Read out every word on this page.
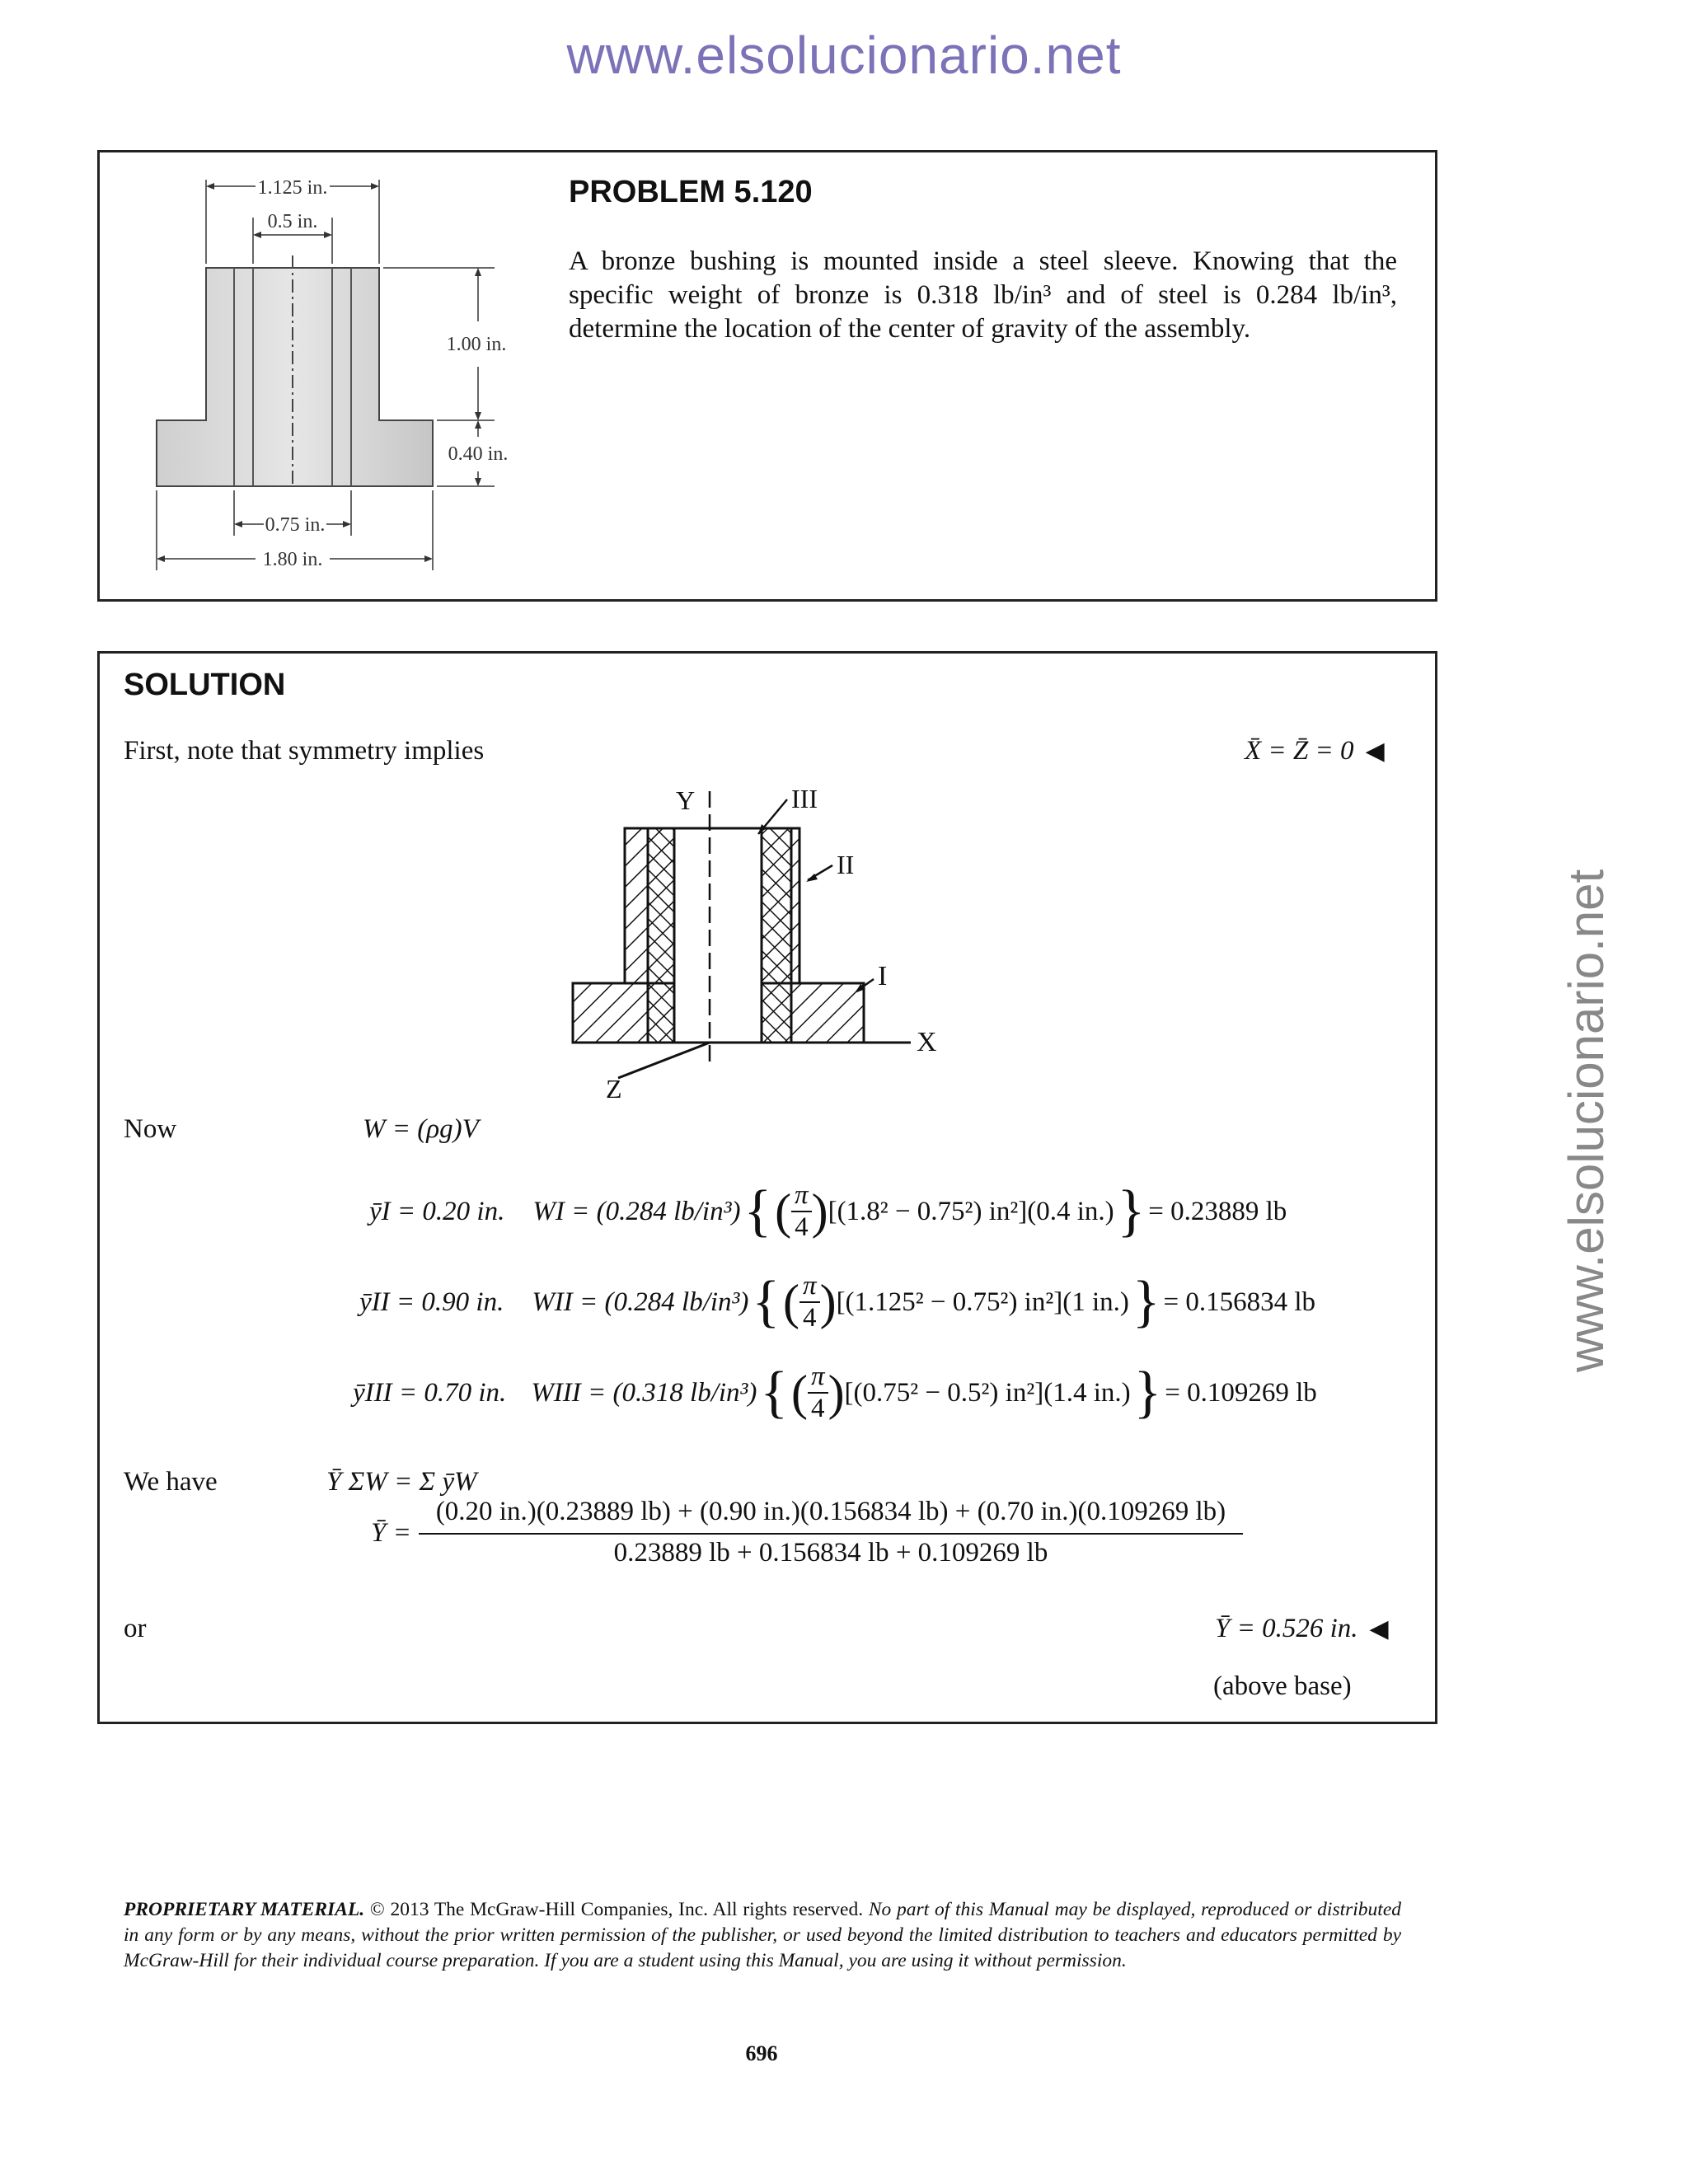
www.elsolucionario.net
www.elsolucionario.net
1.125 in.
0.5 in.
1.00 in.
0.40 in.
0.75 in.
1.80 in.
PROBLEM 5.120
A bronze bushing is mounted inside a steel sleeve. Knowing that the specific weight of bronze is 0.318 lb/in³ and of steel is 0.284 lb/in³, determine the location of the center of gravity of the assembly.
SOLUTION
First, note that symmetry implies	X̄ = Z̄ = 0 ◀
X
Z
Y	III
II
I
Now	W = (ρg)V
ȳI = 0.20 in. WI = (0.284 lb/in³) { ( $\frac{\pi}{4}$ ) [(1.8² − 0.75²) in²](0.4 in.) } = 0.23889 lb
ȳII = 0.90 in. WII = (0.284 lb/in³) { ( $\frac{\pi}{4}$ ) [(1.125² − 0.75²) in²](1 in.) } = 0.156834 lb
ȳIII = 0.70 in. WIII = (0.318 lb/in³) { ( $\frac{\pi}{4}$ ) [(0.75² − 0.5²) in²](1.4 in.) } = 0.109269 lb
We have	Ȳ ΣW = Σ ȳW
Ȳ =
(0.20 in.)(0.23889 lb) + (0.90 in.)(0.156834 lb) + (0.70 in.)(0.109269 lb)
0.23889 lb + 0.156834 lb + 0.109269 lb
or	Ȳ = 0.526 in. ◀
(above base)
PROPRIETARY MATERIAL. © 2013 The McGraw-Hill Companies, Inc. All rights reserved. No part of this Manual may be displayed, reproduced or distributed in any form or by any means, without the prior written permission of the publisher, or used beyond the limited distribution to teachers and educators permitted by McGraw-Hill for their individual course preparation. If you are a student using this Manual, you are using it without permission.
696
